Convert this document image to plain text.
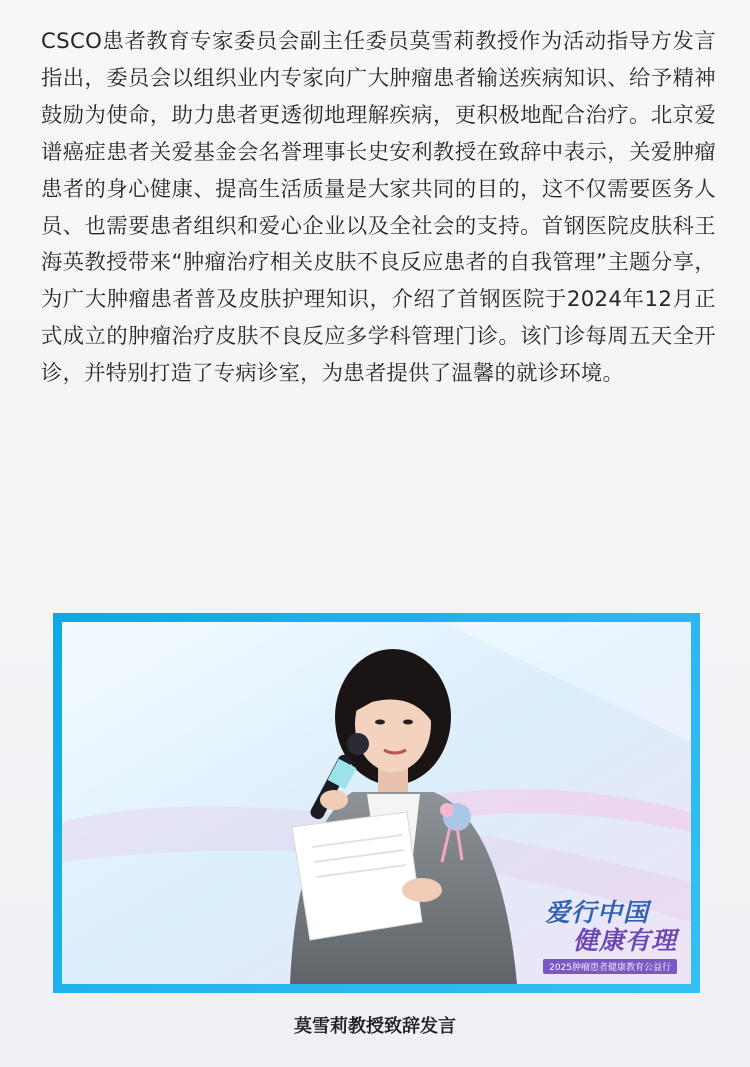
CSCO患者教育专家委员会副主任委员莫雪莉教授作为活动指导方发言指出，委员会以组织业内专家向广大肿瘤患者输送疾病知识、给予精神鼓励为使命，助力患者更透彻地理解疾病，更积极地配合治疗。北京爱谱癌症患者关爱基金会名誉理事长史安利教授在致辞中表示，关爱肿瘤患者的身心健康、提高生活质量是大家共同的目的，这不仅需要医务人员、也需要患者组织和爱心企业以及全社会的支持。首钢医院皮肤科王海英教授带来“肿瘤治疗相关皮肤不良反应患者的自我管理”主题分享，为广大肿瘤患者普及皮肤护理知识，介绍了首钢医院于2024年12月正式成立的肿瘤治疗皮肤不良反应多学科管理门诊。该门诊每周五天全开诊，并特别打造了专病诊室，为患者提供了温馨的就诊环境。

爱行中国
健康有理
2025肿瘤患者健康教育公益行

莫雪莉教授致辞发言
